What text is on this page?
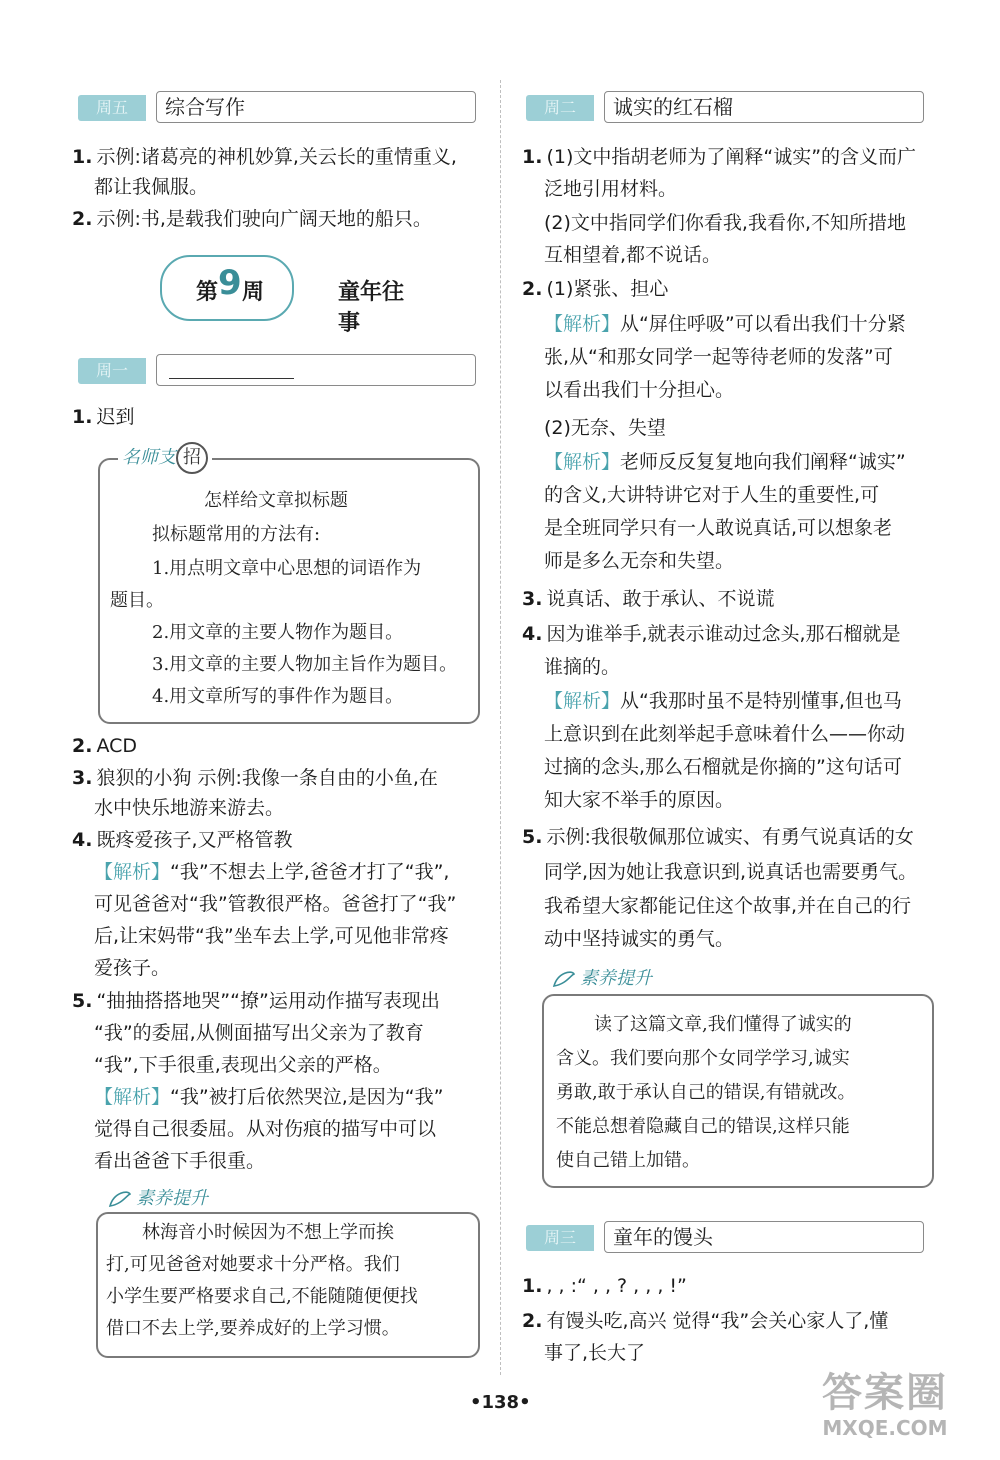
周五	综合写作
1. 示例:诸葛亮的神机妙算,关云长的重情重义,
都让我佩服。
2. 示例:书,是载我们驶向广阔天地的船只。
第 9 周	童年往事
周一
1. 迟到
名师支 招
怎样给文章拟标题
拟标题常用的方法有:
1.用点明文章中心思想的词语作为
题目。
2.用文章的主要人物作为题目。
3.用文章的主要人物加主旨作为题目。
4.用文章所写的事件作为题目。
2. ACD
3. 狼狈的小狗 示例:我像一条自由的小鱼,在
水中快乐地游来游去。
4. 既疼爱孩子,又严格管教
【解析】“我”不想去上学,爸爸才打了“我”,
可见爸爸对“我”管教很严格。爸爸打了“我”
后,让宋妈带“我”坐车去上学,可见他非常疼
爱孩子。
5. “抽抽搭搭地哭”“撩”运用动作描写表现出
“我”的委屈,从侧面描写出父亲为了教育
“我”,下手很重,表现出父亲的严格。
【解析】“我”被打后依然哭泣,是因为“我”
觉得自己很委屈。从对伤痕的描写中可以
看出爸爸下手很重。
素养提升
林海音小时候因为不想上学而挨
打,可见爸爸对她要求十分严格。我们
小学生要严格要求自己,不能随随便便找
借口不去上学,要养成好的上学习惯。
周二	诚实的红石榴
1. (1)文中指胡老师为了阐释“诚实”的含义而广
泛地引用材料。
(2)文中指同学们你看我,我看你,不知所措地
互相望着,都不说话。
2. (1)紧张、担心
【解析】从“屏住呼吸”可以看出我们十分紧
张,从“和那女同学一起等待老师的发落”可
以看出我们十分担心。
(2)无奈、失望
【解析】老师反反复复地向我们阐释“诚实”
的含义,大讲特讲它对于人生的重要性,可
是全班同学只有一人敢说真话,可以想象老
师是多么无奈和失望。
3. 说真话、敢于承认、不说谎
4. 因为谁举手,就表示谁动过念头,那石榴就是
谁摘的。
【解析】从“我那时虽不是特别懂事,但也马
上意识到在此刻举起手意味着什么——你动
过摘的念头,那么石榴就是你摘的”这句话可
知大家不举手的原因。
5. 示例:我很敬佩那位诚实、有勇气说真话的女
同学,因为她让我意识到,说真话也需要勇气。
我希望大家都能记住这个故事,并在自己的行
动中坚持诚实的勇气。
素养提升
读了这篇文章,我们懂得了诚实的
含义。我们要向那个女同学学习,诚实
勇敢,敢于承认自己的错误,有错就改。
不能总想着隐藏自己的错误,这样只能
使自己错上加错。
周三	童年的馒头
1. , , :“ , , ? , , , !”
2. 有馒头吃,高兴 觉得“我”会关心家人了,懂
事了,长大了
•138•	答案圈
MXQE.COM
